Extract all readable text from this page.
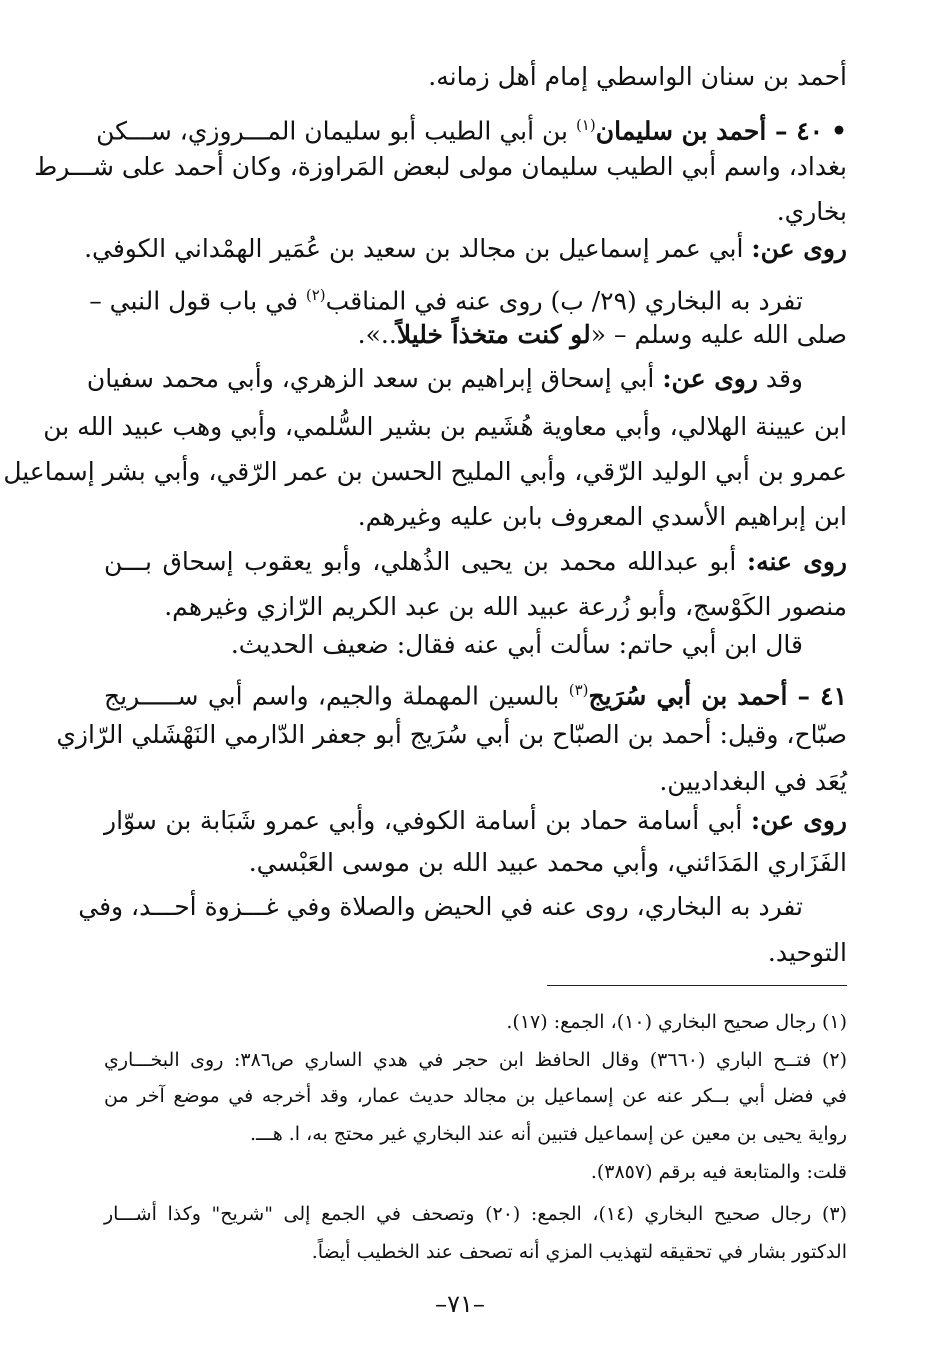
أحمد بن سنان الواسطي إمام أهل زمانه.
• ٤٠ – أحمد بن سليمان$^{(١)}$ بن أبي الطيب أبو سليمان المـــروزي، ســـكن
بغداد، واسم أبي الطيب سليمان مولى لبعض المَراوزة، وكان أحمد على شـــرط
بخاري.
روى عن: أبي عمر إسماعيل بن مجالد بن سعيد بن عُمَير الهمْداني الكوفي.
تفرد به البخاري (٢٩/ ب) روى عنه في المناقب$^{(٢)}$ في باب قول النبي –
صلى الله عليه وسلم – «لو كنت متخذاً خليلاً..».
وقد روى عن: أبي إسحاق إبراهيم بن سعد الزهري، وأبي محمد سفيان
ابن عيينة الهلالي، وأبي معاوية هُشَيم بن بشير السُّلمي، وأبي وهب عبيد الله بن
عمرو بن أبي الوليد الرّقي، وأبي المليح الحسن بن عمر الرّقي، وأبي بشر إسماعيل
ابن إبراهيم الأسدي المعروف بابن عليه وغيرهم.
روى عنه: أبو عبدالله محمد بن يحيى الذُهلي، وأبو يعقوب إسحاق بـــن
منصور الكَوْسج، وأبو زُرعة عبيد الله بن عبد الكريم الرّازي وغيرهم.
قال ابن أبي حاتم: سألت أبي عنه فقال: ضعيف الحديث.
٤١ – أحمد بن أبي سُرَيج$^{(٣)}$ بالسين المهملة والجيم، واسم أبي ســـــريج
صبّاح، وقيل: أحمد بن الصبّاح بن أبي سُرَيج أبو جعفر الدّارمي النَهْشَلي الرّازي
يُعَد في البغداديين.
روى عن: أبي أسامة حماد بن أسامة الكوفي، وأبي عمرو شَبَابة بن سوّار
الفَزَاري المَدَائني، وأبي محمد عبيد الله بن موسى العَبْسي.
تفرد به البخاري، روى عنه في الحيض والصلاة وفي غـــزوة أحـــد، وفي
التوحيد.
(١) رجال صحيح البخاري (١٠)، الجمع: (١٧).
(٢) فتــح الباري (٣٦٦٠) وقال الحافظ ابن حجر في هدي الساري ص٣٨٦: روى البخـــاري
في فضل أبي بــكر عنه عن إسماعيل بن مجالد حديث عمار، وقد أخرجه في موضع آخر من
رواية يحيى بن معين عن إسماعيل فتبين أنه عند البخاري غير محتج به، ا. هـــ.
قلت: والمتابعة فيه برقم (٣٨٥٧).
(٣) رجال صحيح البخاري (١٤)، الجمع: (٢٠) وتصحف في الجمع إلى "شريح" وكذا أشـــار
الدكتور بشار في تحقيقه لتهذيب المزي أنه تصحف عند الخطيب أيضاً.
–٧١–
